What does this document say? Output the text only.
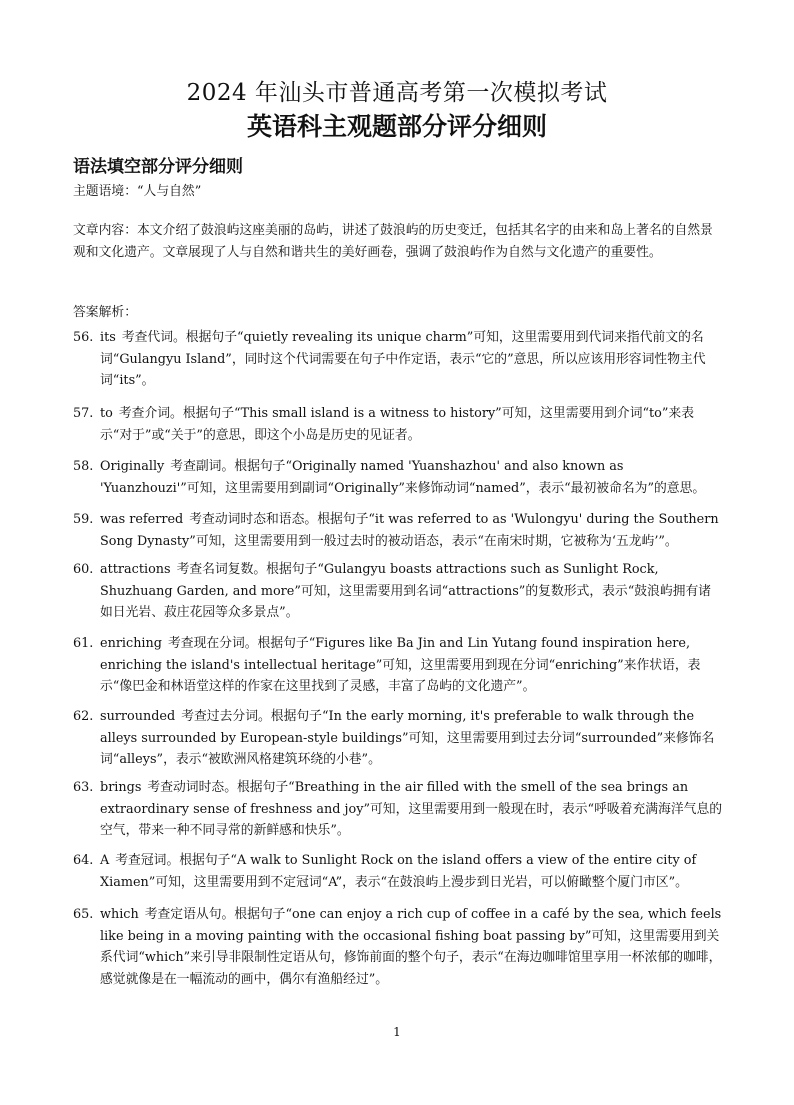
2024 年汕头市普通高考第一次模拟考试
英语科主观题部分评分细则
语法填空部分评分细则
主题语境：“人与自然”
文章内容：本文介绍了鼓浪屿这座美丽的岛屿，讲述了鼓浪屿的历史变迁，包括其名字的由来和岛上著名的自然景观和文化遗产。文章展现了人与自然和谐共生的美好画卷，强调了鼓浪屿作为自然与文化遗产的重要性。
答案解析：
56. its 考查代词。根据句子“quietly revealing its unique charm”可知，这里需要用到代词来指代前文的名词“Gulangyu Island”，同时这个代词需要在句子中作定语，表示“它的”意思，所以应该用形容词性物主代词“its”。
57. to 考查介词。根据句子“This small island is a witness to history”可知，这里需要用到介词“to”来表示“对于”或“关于”的意思，即这个小岛是历史的见证者。
58. Originally 考查副词。根据句子“Originally named 'Yuanshazhou' and also known as 'Yuanzhouzi'”可知，这里需要用到副词“Originally”来修饰动词“named”，表示“最初被命名为”的意思。
59. was referred 考查动词时态和语态。根据句子“it was referred to as 'Wulongyu' during the Southern Song Dynasty”可知，这里需要用到一般过去时的被动语态，表示“在南宋时期，它被称为‘五龙屿’”。
60. attractions 考查名词复数。根据句子“Gulangyu boasts attractions such as Sunlight Rock, Shuzhuang Garden, and more”可知，这里需要用到名词“attractions”的复数形式，表示“鼓浪屿拥有诸如日光岩、菽庄花园等众多景点”。
61. enriching 考查现在分词。根据句子“Figures like Ba Jin and Lin Yutang found inspiration here, enriching the island's intellectual heritage”可知，这里需要用到现在分词“enriching”来作状语，表示“像巴金和林语堂这样的作家在这里找到了灵感，丰富了岛屿的文化遗产”。
62. surrounded 考查过去分词。根据句子“In the early morning, it's preferable to walk through the alleys surrounded by European-style buildings”可知，这里需要用到过去分词“surrounded”来修饰名词“alleys”，表示“被欧洲风格建筑环绕的小巷”。
63. brings 考查动词时态。根据句子“Breathing in the air filled with the smell of the sea brings an extraordinary sense of freshness and joy”可知，这里需要用到一般现在时，表示“呼吸着充满海洋气息的空气，带来一种不同寻常的新鲜感和快乐”。
64. A 考查冠词。根据句子“A walk to Sunlight Rock on the island offers a view of the entire city of Xiamen”可知，这里需要用到不定冠词“A”，表示“在鼓浪屿上漫步到日光岩，可以俯瞰整个厦门市区”。
65. which 考查定语从句。根据句子“one can enjoy a rich cup of coffee in a café by the sea, which feels like being in a moving painting with the occasional fishing boat passing by”可知，这里需要用到关系代词“which”来引导非限制性定语从句，修饰前面的整个句子，表示“在海边咖啡馆里享用一杯浓郁的咖啡，感觉就像是在一幅流动的画中，偶尔有渔船经过”。
1
